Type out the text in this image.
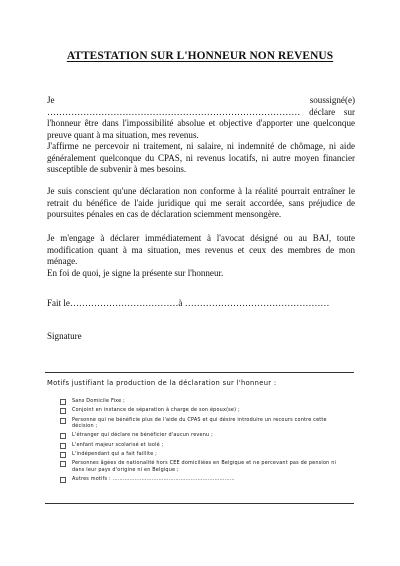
ATTESTATION SUR L'HONNEUR NON REVENUS

Je soussigné(e) ………………………………………………………………………… déclare sur l'honneur être dans l'impossibilité absolue et objective d'apporter une quelconque preuve quant à ma situation, mes revenus.

J'affirme ne percevoir ni traitement, ni salaire, ni indemnité de chômage, ni aide généralement quelconque du CPAS, ni revenus locatifs, ni autre moyen financier susceptible de subvenir à mes besoins.

Je suis conscient qu'une déclaration non conforme à la réalité pourrait entraîner le retrait du bénéfice de l'aide juridique qui me serait accordée, sans préjudice de poursuites pénales en cas de déclaration sciemment mensongère.

Je m'engage à déclarer immédiatement à l'avocat désigné ou au BAJ, toute modification quant à ma situation, mes revenus et ceux des membres de mon ménage.

En foi de quoi, je signe la présente sur l'honneur.

Fait le………………………………à …………………………………………
Signature
Motifs justifiant la production de la déclaration sur l'honneur :
Sans Domicile Fixe ;
Conjoint en instance de séparation à charge de son époux(se) ;
Personne qui ne bénéficie plus de l'aide du CPAS et qui désire introduire un recours contre cette décision ;
L'étranger qui déclare ne bénéficier d'aucun revenu ;
L'enfant majeur scolarisé et isolé ;
L'indépendant qui a fait faillite ;
Personnes âgées de nationalité hors CEE domiciliées en Belgique et ne percevant pas de pension ni dans leur pays d'origine ni en Belgique ;
Autres motifs : ………………………………………………………………
